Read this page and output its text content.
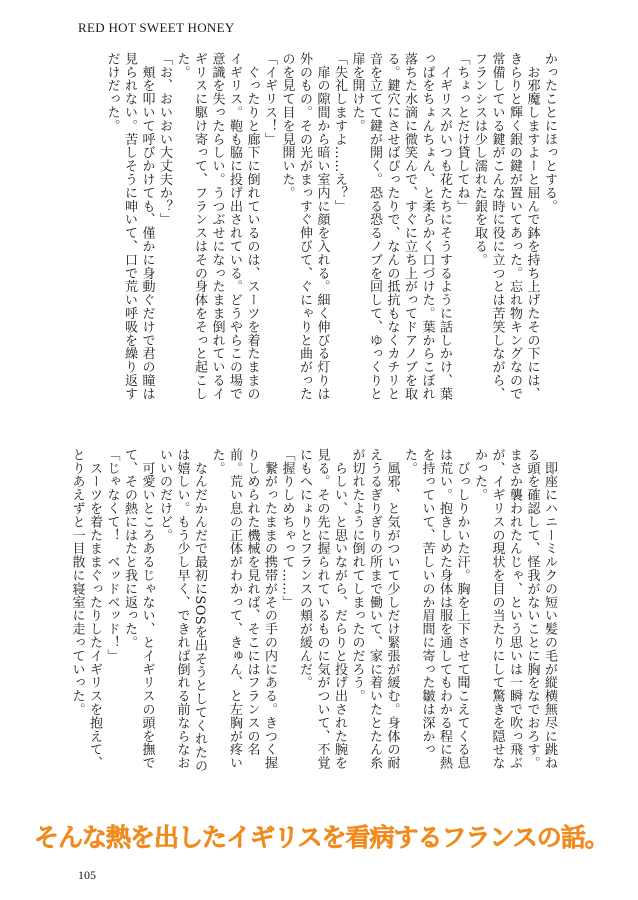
RED HOT SWEET HONEY

かったことにほっとする。

　お邪魔しますよーと屈んで鉢を持ち上げたその下には、きらりと輝く銀の鍵が置いてあった。忘れ物キングなので常備している鍵がこんな時に役に立つとは苦笑しながら、フランシスは少し濡れた銀を取る。

「ちょっとだけ貸してね」

　イギリスがいつも花たちにそうするように話しかけ、葉っぱをちょんちょん、と柔らかく口づけた。葉からこぼれ落ちた水滴に微笑んで、すぐに立ち上がってドアノブを取る。鍵穴にさせばぴったりで、なんの抵抗もなくカチリと音を立てて鍵が開く。恐る恐るノブを回して、ゆっくりと扉を開けた。

「失礼しますよ……え？」

　扉の隙間から暗い室内に顔を入れる。細く伸びる灯りは外のもの。その光がまっすぐ伸びて、ぐにゃりと曲がったのを見て目を見開いた。

「イギリス！」

　ぐったりと廊下に倒れているのは、スーツを着たままのイギリス。鞄も脇に投げ出されている。どうやらこの場で意識を失ったらしい。うつぶせになったまま倒れているイギリスに駆け寄って、フランスはその身体をそっと起こした。

「お、おいおい大丈夫か？」

　頬を叩いて呼びかけても、僅かに身動ぐだけで君の瞳は見られない。苦しそうに呻いて、口で荒い呼吸を繰り返すだけだった。

　即座にハニーミルクの短い髪の毛が縦横無尽に跳ねる頭を確認して、怪我がないことに胸をなでおろす。まさか襲われたんじゃ、という思いは一瞬で吹っ飛ぶが、イギリスの現状を目の当たりにして驚きを隠せなかった。

　びっしりかいた汗。胸を上下させて聞こえてくる息は荒い。抱きしめた身体は服を通してもわかる程に熱を持っていて、苦しいのか眉間に寄った皺は深かった。

　風邪、と気がついて少しだけ緊張が緩む。身体の耐えうるぎりぎりの所まで働いて、家に着いたとたん糸が切れたように倒れてしまったのだろう。

　らしい、と思いながら、だらりと投げ出された腕を見る。その先に握られているものに気がついて、不覚にもへにょりとフランスの頬が緩んだ。

「握りしめちゃって……」

　繋がったままの携帯がその手の内にある。きつく握りしめられた機械を見れば、そこにはフランスの名前。荒い息の正体がわかって、きゅん、と左胸が疼いた。

　なんだかんだで最初にSOSを出そうとしてくれたのは嬉しい。もう少し早く、できれば倒れる前ならなおいいのだけど。

　可愛いところあるじゃない、とイギリスの頭を撫でて、その熱にはたと我に返った。

「じゃなくて！　ベッドベッド！」

　スーツを着たままぐったりしたイギリスを抱えて、とりあえずと一目散に寝室に走っていった。

そんな熱を出したイギリスを看病するフランスの話。
105
